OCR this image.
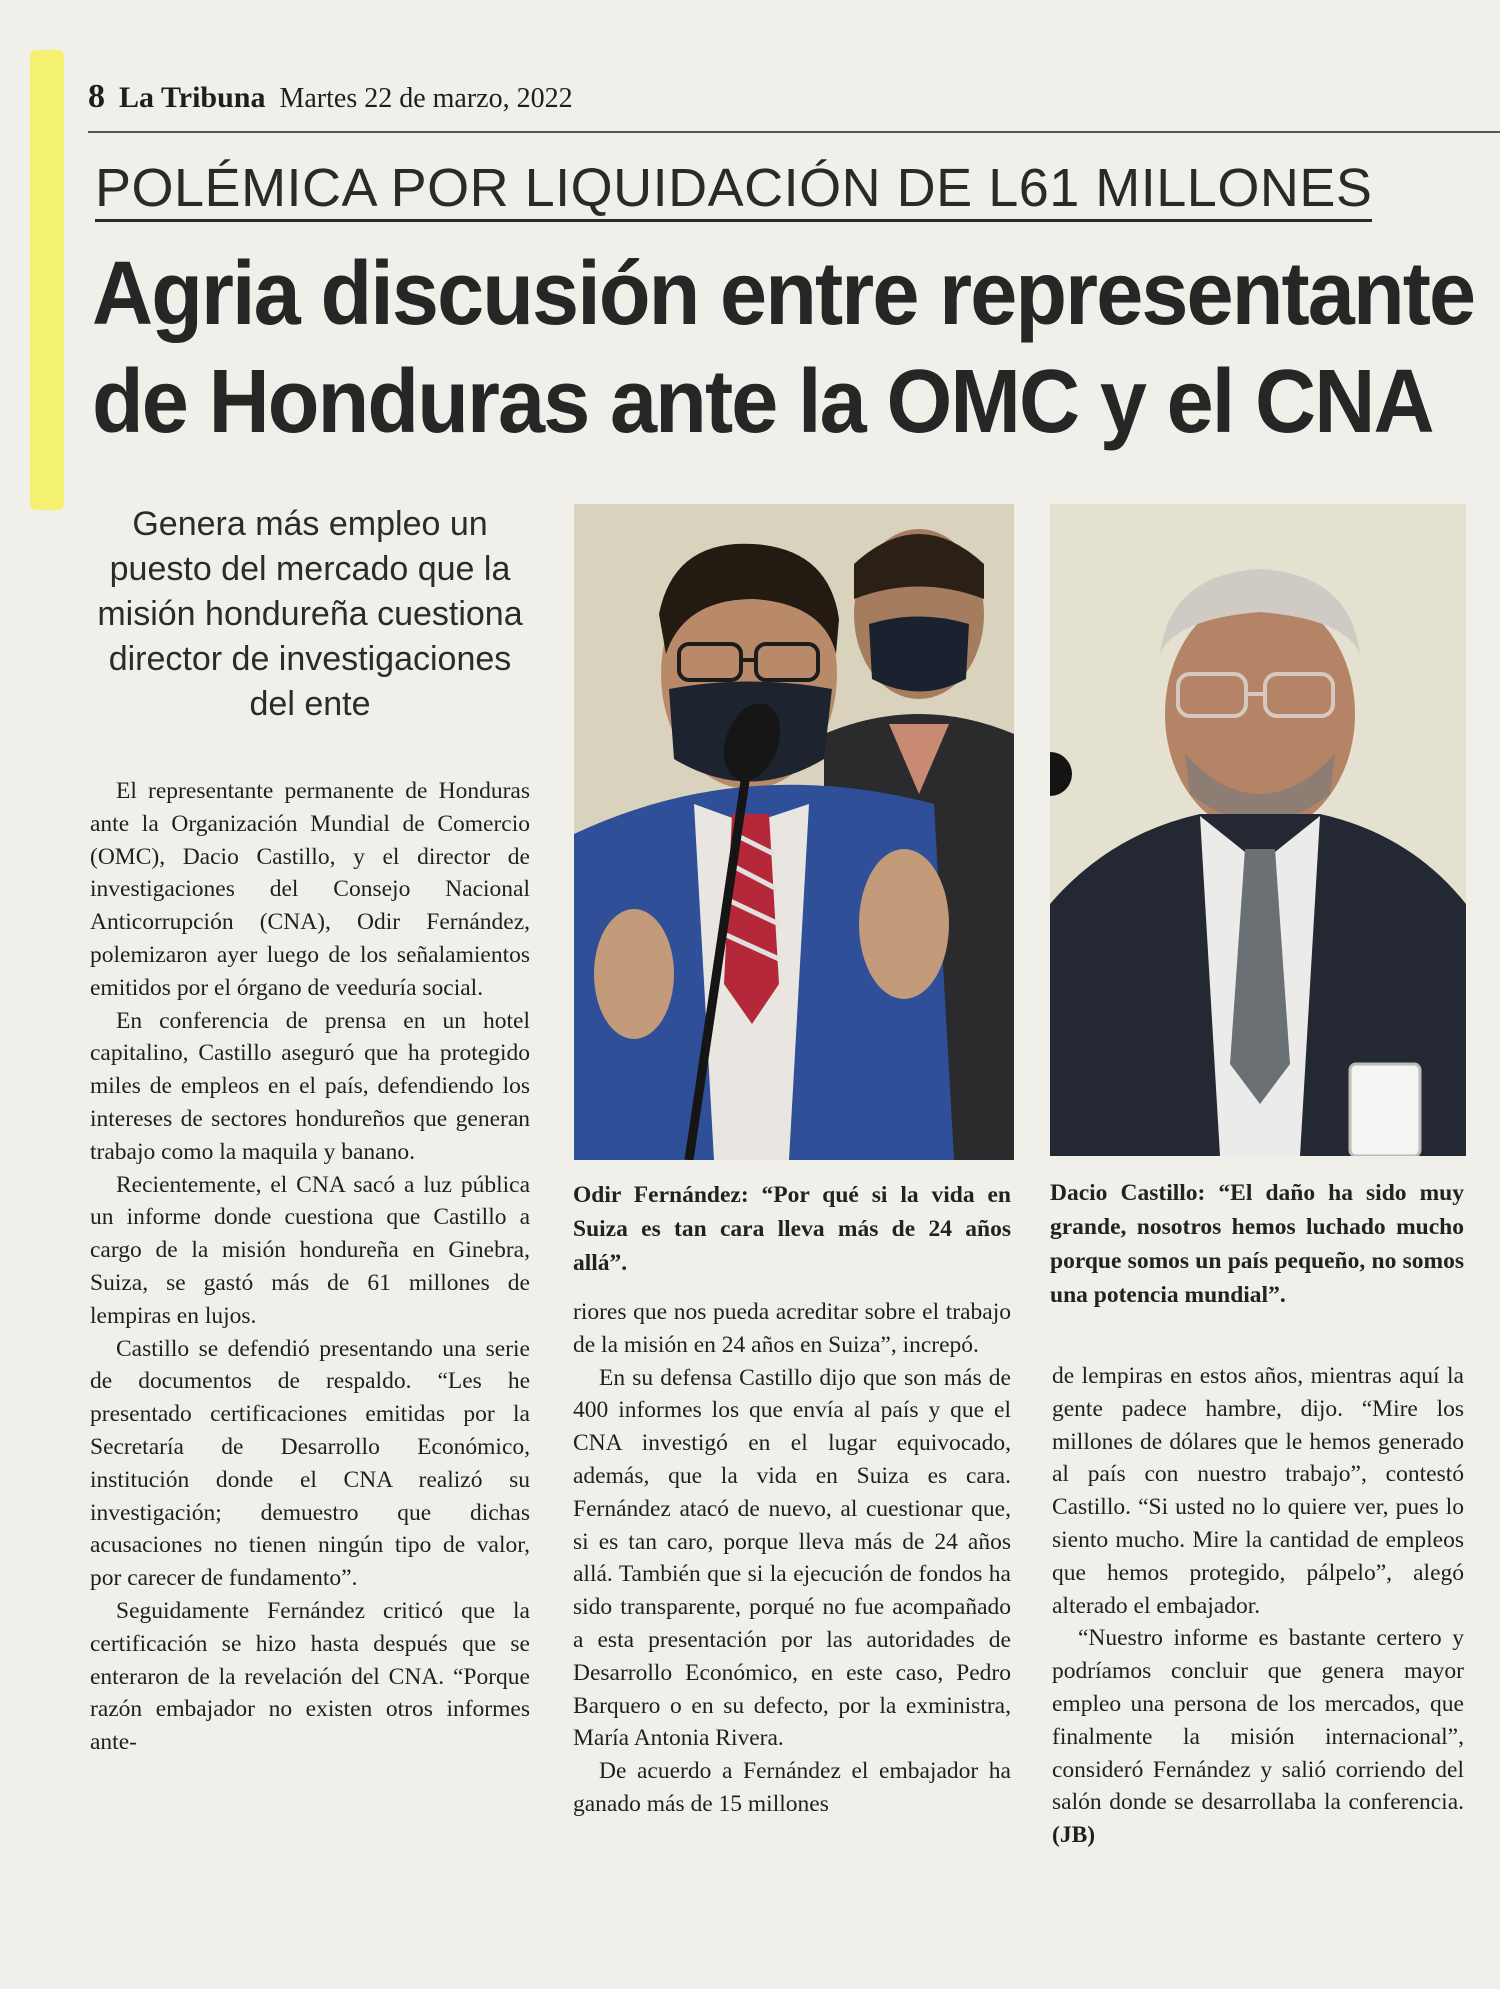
8 La Tribuna Martes 22 de marzo, 2022
POLÉMICA POR LIQUIDACIÓN DE L61 MILLONES
Agria discusión entre representante
de Honduras ante la OMC y el CNA
Genera más empleo un puesto del mercado que la misión hondureña cuestiona director de investigaciones del ente

El representante permanente de Honduras ante la Organización Mundial de Comercio (OMC), Dacio Castillo, y el director de investigaciones del Consejo Nacional Anticorrupción (CNA), Odir Fernández, polemizaron ayer luego de los señalamientos emitidos por el órgano de veeduría social.

En conferencia de prensa en un hotel capitalino, Castillo aseguró que ha protegido miles de empleos en el país, defendiendo los intereses de sectores hondureños que generan trabajo como la maquila y banano.

Recientemente, el CNA sacó a luz pública un informe donde cuestiona que Castillo a cargo de la misión hondureña en Ginebra, Suiza, se gastó más de 61 millones de lempiras en lujos.

Castillo se defendió presentando una serie de documentos de respaldo. “Les he presentado certificaciones emitidas por la Secretaría de Desarrollo Económico, institución donde el CNA realizó su investigación; demuestro que dichas acusaciones no tienen ningún tipo de valor, por carecer de fundamento”.

Seguidamente Fernández criticó que la certificación se hizo hasta después que se enteraron de la revelación del CNA. “Porque razón embajador no existen otros informes ante-

Odir Fernández: “Por qué si la vida en Suiza es tan cara lleva más de 24 años allá”.
Dacio Castillo: “El daño ha sido muy grande, nosotros hemos luchado mucho porque somos un país pequeño, no somos una potencia mundial”.

riores que nos pueda acreditar sobre el trabajo de la misión en 24 años en Suiza”, increpó.

En su defensa Castillo dijo que son más de 400 informes los que envía al país y que el CNA investigó en el lugar equivocado, además, que la vida en Suiza es cara. Fernández atacó de nuevo, al cuestionar que, si es tan caro, porque lleva más de 24 años allá. También que si la ejecución de fondos ha sido transparente, porqué no fue acompañado a esta presentación por las autoridades de Desarrollo Económico, en este caso, Pedro Barquero o en su defecto, por la exministra, María Antonia Rivera.

De acuerdo a Fernández el embajador ha ganado más de 15 millones

de lempiras en estos años, mientras aquí la gente padece hambre, dijo. “Mire los millones de dólares que le hemos generado al país con nuestro trabajo”, contestó Castillo. “Si usted no lo quiere ver, pues lo siento mucho. Mire la cantidad de empleos que hemos protegido, pálpelo”, alegó alterado el embajador.

“Nuestro informe es bastante certero y podríamos concluir que genera mayor empleo una persona de los mercados, que finalmente la misión internacional”, consideró Fernández y salió corriendo del salón donde se desarrollaba la conferencia. (JB)
